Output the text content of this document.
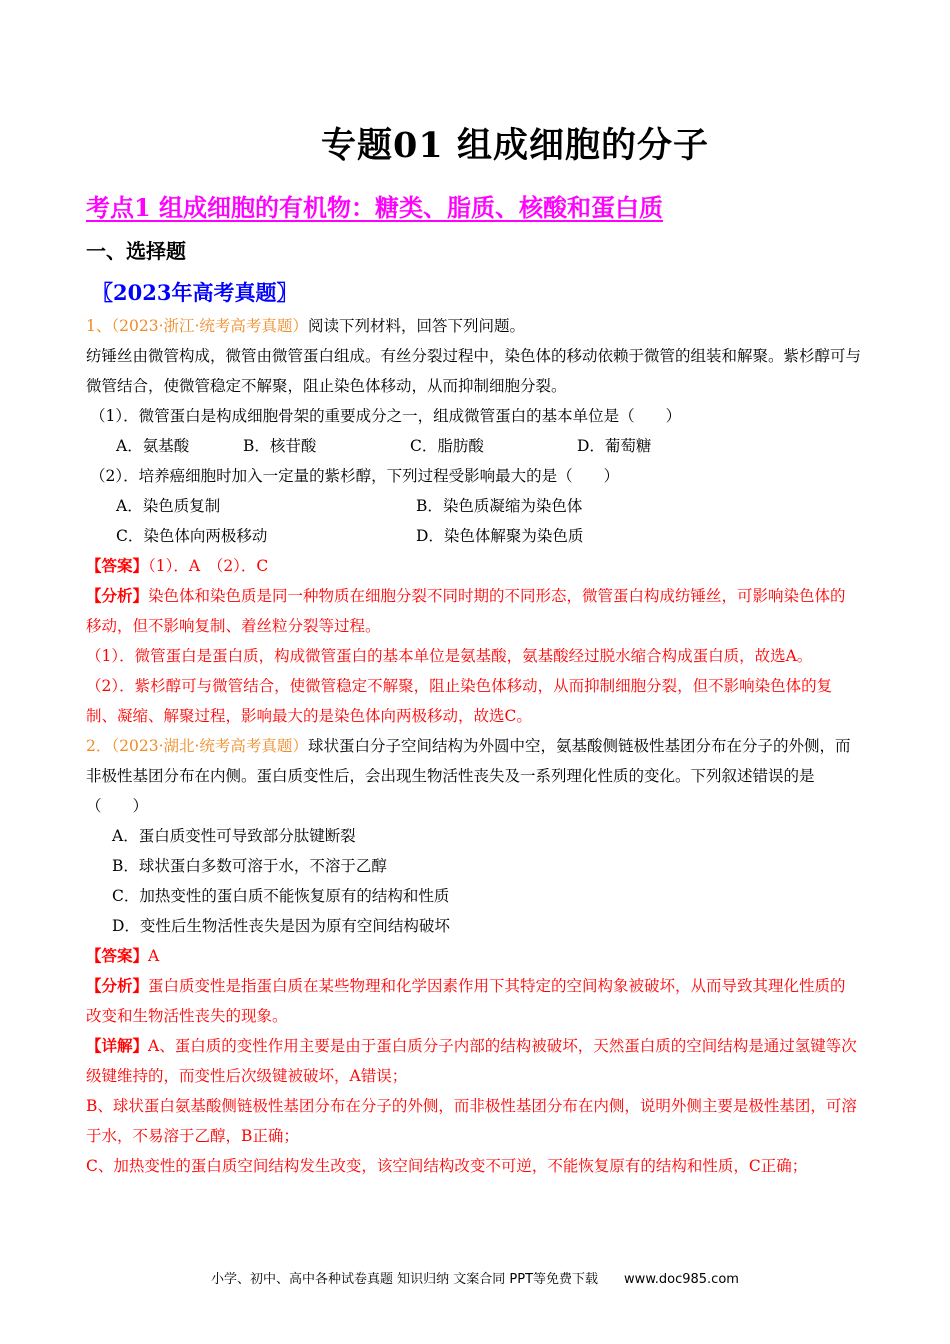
专题01 组成细胞的分子
考点1 组成细胞的有机物：糖类、脂质、核酸和蛋白质
一、选择题
〖2023年高考真题〗

1、（2023·浙江·统考高考真题）阅读下列材料，回答下列问题。

纺锤丝由微管构成，微管由微管蛋白组成。有丝分裂过程中，染色体的移动依赖于微管的组装和解聚。紫杉醇可与微管结合，使微管稳定不解聚，阻止染色体移动，从而抑制细胞分裂。

（1）．微管蛋白是构成细胞骨架的重要成分之一，组成微管蛋白的基本单位是（　　）

A．氨基酸	B．核苷酸	C．脂肪酸	D．葡萄糖

（2）．培养癌细胞时加入一定量的紫杉醇，下列过程受影响最大的是（　　）

A．染色质复制	B．染色质凝缩为染色体

C．染色体向两极移动	D．染色体解聚为染色质

【答案】（1）．A　（2）．C

【分析】染色体和染色质是同一种物质在细胞分裂不同时期的不同形态，微管蛋白构成纺锤丝，可影响染色体的移动，但不影响复制、着丝粒分裂等过程。

（1）．微管蛋白是蛋白质，构成微管蛋白的基本单位是氨基酸，氨基酸经过脱水缩合构成蛋白质，故选A。

（2）．紫杉醇可与微管结合，使微管稳定不解聚，阻止染色体移动，从而抑制细胞分裂，但不影响染色体的复制、凝缩、解聚过程，影响最大的是染色体向两极移动，故选C。

2．（2023·湖北·统考高考真题）球状蛋白分子空间结构为外圆中空，氨基酸侧链极性基团分布在分子的外侧，而非极性基团分布在内侧。蛋白质变性后，会出现生物活性丧失及一系列理化性质的变化。下列叙述错误的是（　　）

A．蛋白质变性可导致部分肽键断裂

B．球状蛋白多数可溶于水，不溶于乙醇

C．加热变性的蛋白质不能恢复原有的结构和性质

D．变性后生物活性丧失是因为原有空间结构破坏

【答案】A

【分析】蛋白质变性是指蛋白质在某些物理和化学因素作用下其特定的空间构象被破坏，从而导致其理化性质的改变和生物活性丧失的现象。

【详解】A、蛋白质的变性作用主要是由于蛋白质分子内部的结构被破坏，天然蛋白质的空间结构是通过氢键等次级键维持的，而变性后次级键被破坏，A错误；

B、球状蛋白氨基酸侧链极性基团分布在分子的外侧，而非极性基团分布在内侧，说明外侧主要是极性基团，可溶于水，不易溶于乙醇，B正确；

C、加热变性的蛋白质空间结构发生改变，该空间结构改变不可逆，不能恢复原有的结构和性质，C正确；

小学、初中、高中各种试卷真题 知识归纳 文案合同 PPT等免费下载　　www.doc985.com
